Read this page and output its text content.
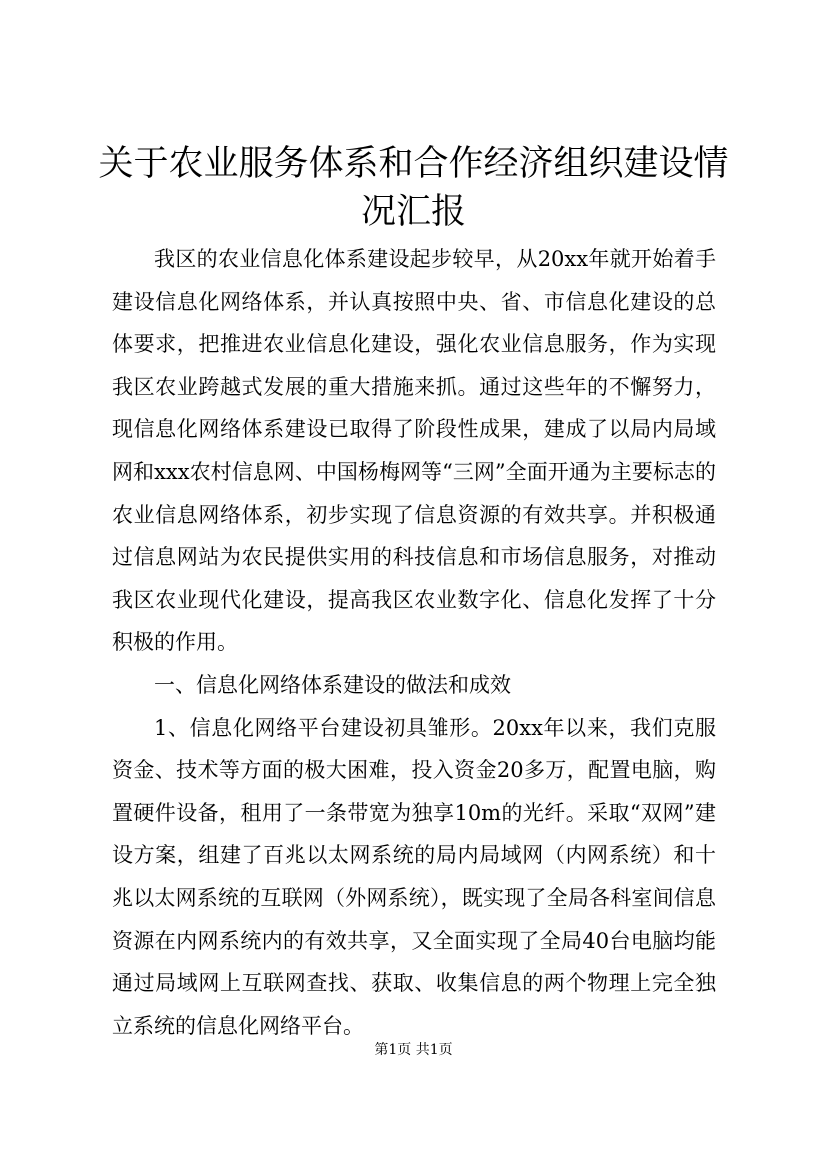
关于农业服务体系和合作经济组织建设情况汇报

我区的农业信息化体系建设起步较早，从20xx年就开始着手建设信息化网络体系，并认真按照中央、省、市信息化建设的总体要求，把推进农业信息化建设，强化农业信息服务，作为实现我区农业跨越式发展的重大措施来抓。通过这些年的不懈努力，现信息化网络体系建设已取得了阶段性成果，建成了以局内局域网和xxx农村信息网、中国杨梅网等“三网”全面开通为主要标志的农业信息网络体系，初步实现了信息资源的有效共享。并积极通过信息网站为农民提供实用的科技信息和市场信息服务，对推动我区农业现代化建设，提高我区农业数字化、信息化发挥了十分积极的作用。

一、信息化网络体系建设的做法和成效

1、信息化网络平台建设初具雏形。20xx年以来，我们克服资金、技术等方面的极大困难，投入资金20多万，配置电脑，购置硬件设备，租用了一条带宽为独享10m的光纤。采取“双网”建设方案，组建了百兆以太网系统的局内局域网（内网系统）和十兆以太网系统的互联网（外网系统），既实现了全局各科室间信息资源在内网系统内的有效共享，又全面实现了全局40台电脑均能通过局域网上互联网查找、获取、收集信息的两个物理上完全独立系统的信息化网络平台。

第1页 共1页
